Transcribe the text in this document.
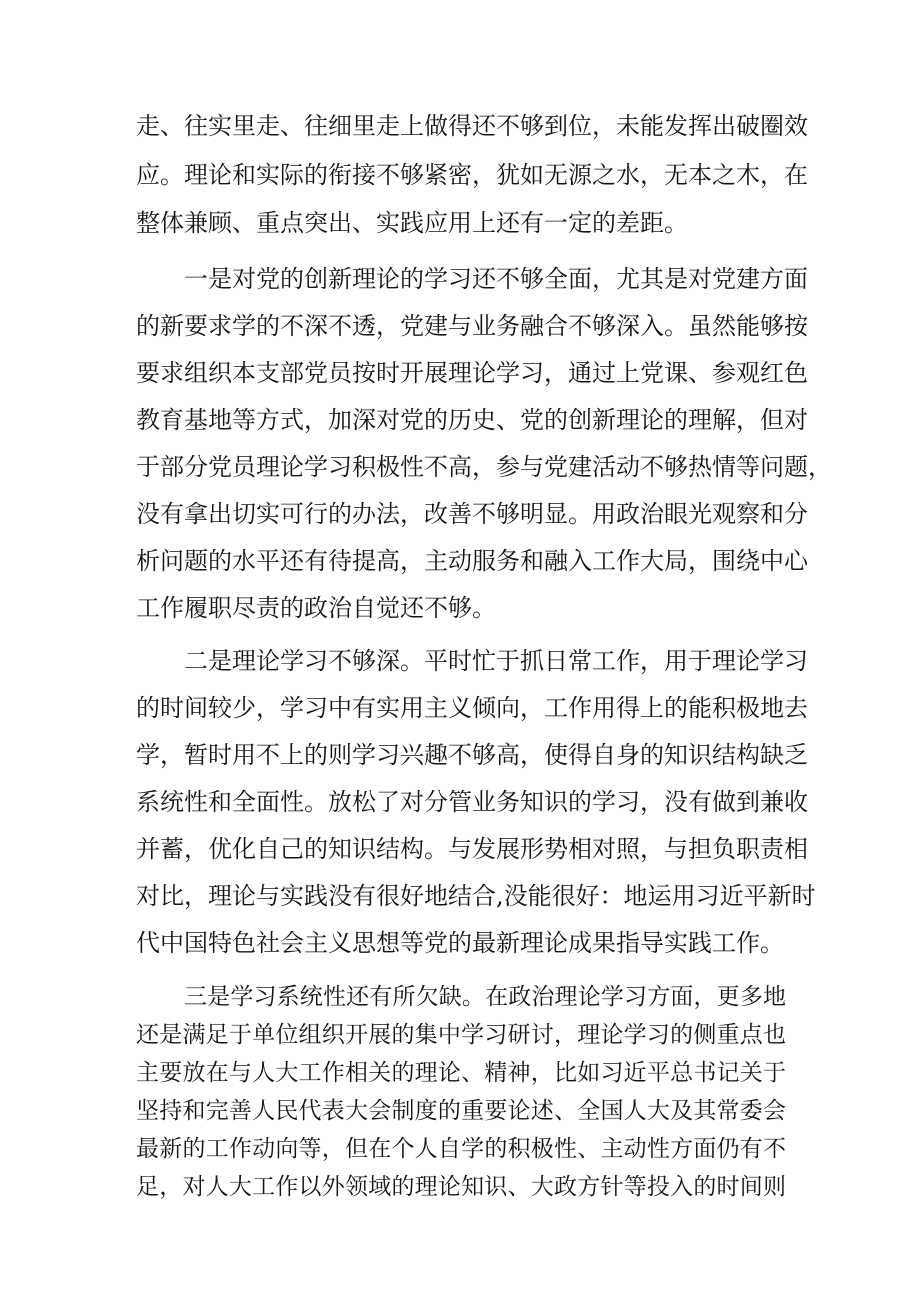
走、往实里走、往细里走上做得还不够到位，未能发挥出破圈效
应。理论和实际的衔接不够紧密，犹如无源之水，无本之木，在
整体兼顾、重点突出、实践应用上还有一定的差距。
一是对党的创新理论的学习还不够全面，尤其是对党建方面
的新要求学的不深不透，党建与业务融合不够深入。虽然能够按
要求组织本支部党员按时开展理论学习，通过上党课、参观红色
教育基地等方式，加深对党的历史、党的创新理论的理解，但对
于部分党员理论学习积极性不高，参与党建活动不够热情等问题，
没有拿出切实可行的办法，改善不够明显。用政治眼光观察和分
析问题的水平还有待提高，主动服务和融入工作大局，围绕中心
工作履职尽责的政治自觉还不够。
二是理论学习不够深。平时忙于抓日常工作，用于理论学习
的时间较少，学习中有实用主义倾向，工作用得上的能积极地去
学，暂时用不上的则学习兴趣不够高，使得自身的知识结构缺乏
系统性和全面性。放松了对分管业务知识的学习，没有做到兼收
并蓄，优化自己的知识结构。与发展形势相对照，与担负职责相
对比，理论与实践没有很好地结合,没能很好：地运用习近平新时
代中国特色社会主义思想等党的最新理论成果指导实践工作。
三是学习系统性还有所欠缺。在政治理论学习方面，更多地
还是满足于单位组织开展的集中学习研讨，理论学习的侧重点也
主要放在与人大工作相关的理论、精神，比如习近平总书记关于
坚持和完善人民代表大会制度的重要论述、全国人大及其常委会
最新的工作动向等，但在个人自学的积极性、主动性方面仍有不
足，对人大工作以外领域的理论知识、大政方针等投入的时间则
